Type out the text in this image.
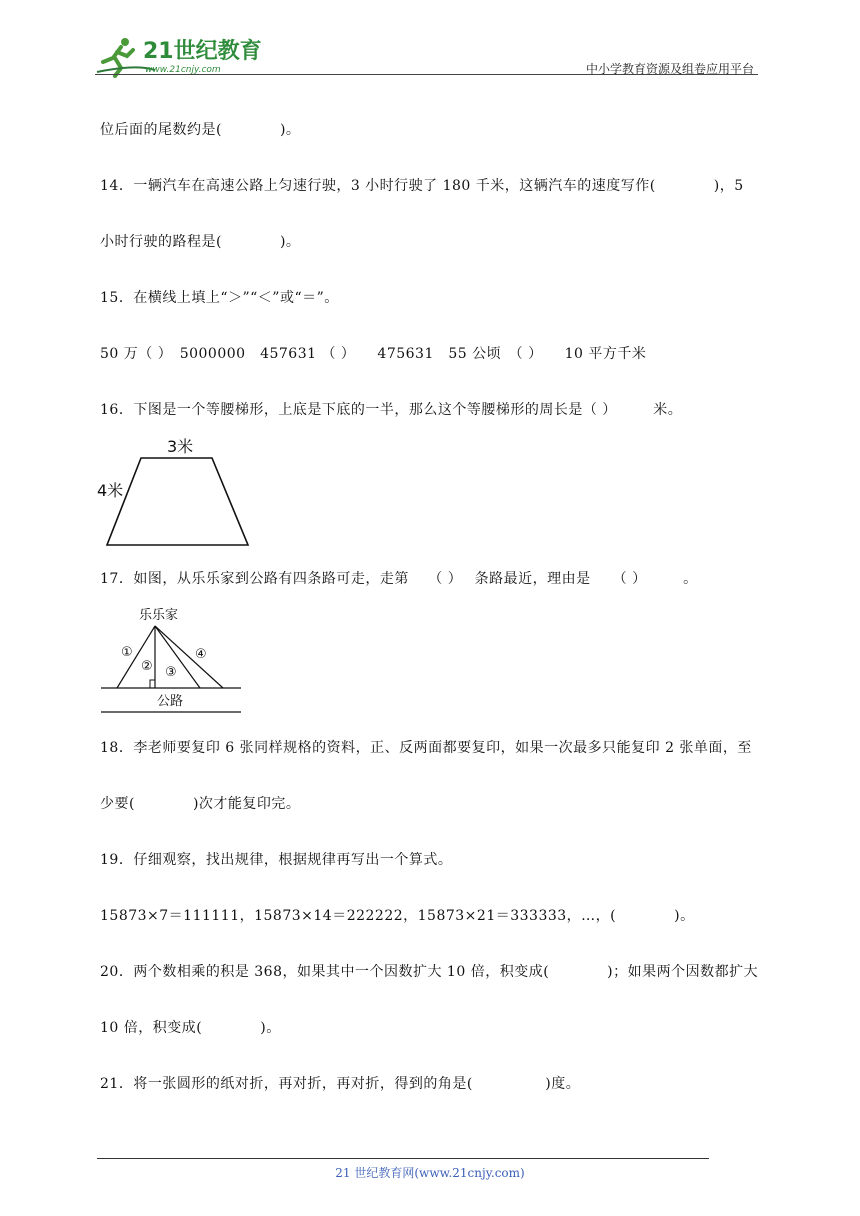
21世纪教育
www.21cnjy.com	中小学教育资源及组卷应用平台
位后面的尾数约是(　　　　)。
14．一辆汽车在高速公路上匀速行驶，3 小时行驶了 180 千米，这辆汽车的速度写作(　　　　)，5
小时行驶的路程是(　　　　)。
15．在横线上填上“＞”“＜”或“＝”。
50 万（ ）　5000000　457631 （ ）　　475631　55 公顷　（ ）　　10 平方千米
16．下图是一个等腰梯形，上底是下底的一半，那么这个等腰梯形的周长是（ ）　　　米。
3米
4米
17．如图，从乐乐家到公路有四条路可走，走第　 （ ）　 条路最近，理由是　　（ ）　　　。
乐乐家
①
② ③
④
公路
18．李老师要复印 6 张同样规格的资料，正、反两面都要复印，如果一次最多只能复印 2 张单面，至
少要(　　　　)次才能复印完。
19．仔细观察，找出规律，根据规律再写出一个算式。
15873×7＝111111，15873×14＝222222，15873×21＝333333，…，(　　　　)。
20．两个数相乘的积是 368，如果其中一个因数扩大 10 倍，积变成(　　　　)；如果两个因数都扩大
10 倍，积变成(　　　　)。
21．将一张圆形的纸对折，再对折，再对折，得到的角是(　　　　　)度。
21 世纪教育网(www.21cnjy.com)
